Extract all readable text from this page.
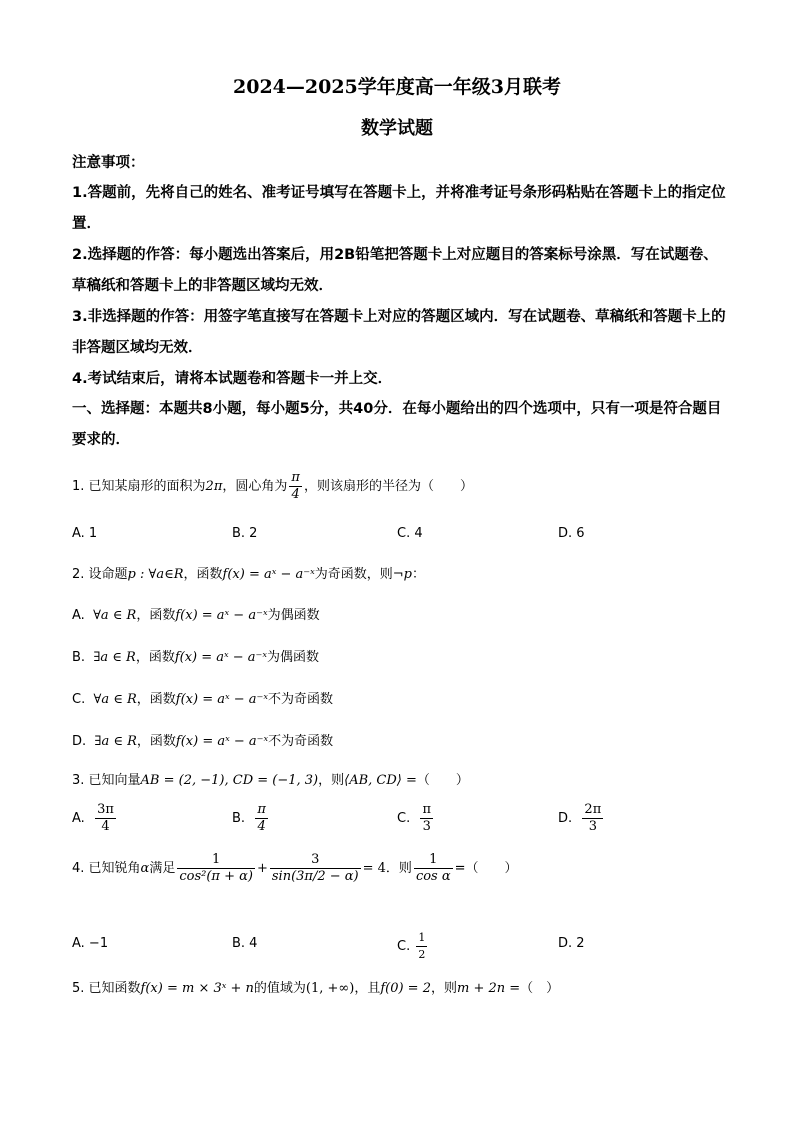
2024—2025学年度高一年级3月联考
数学试题
注意事项：
1.答题前，先将自己的姓名、准考证号填写在答题卡上，并将准考证号条形码粘贴在答题卡上的指定位置．
2.选择题的作答：每小题选出答案后，用2B铅笔把答题卡上对应题目的答案标号涂黑．写在试题卷、草稿纸和答题卡上的非答题区域均无效．
3.非选择题的作答：用签字笔直接写在答题卡上对应的答题区域内．写在试题卷、草稿纸和答题卡上的非答题区域均无效．
4.考试结束后，请将本试题卷和答题卡一并上交．
一、选择题：本题共8小题，每小题5分，共40分．在每小题给出的四个选项中，只有一项是符合题目要求的．
1. 已知某扇形的面积为2π，圆心角为 $\frac{\pi}{4}$ ，则该扇形的半径为（　　）
A. 1	B. 2	C. 4	D. 6
2. 设命题p : ∀a∈R，函数f(x) = aˣ − a⁻ˣ为奇函数，则¬p：
A. ∀a ∈ R，函数f(x) = aˣ − a⁻ˣ为偶函数
B. ∃a ∈ R，函数f(x) = aˣ − a⁻ˣ为偶函数
C. ∀a ∈ R，函数f(x) = aˣ − a⁻ˣ不为奇函数
D. ∃a ∈ R，函数f(x) = aˣ − a⁻ˣ不为奇函数
3. 已知向量AB = (2, −1), CD = (−1, 3)，则⟨AB, CD⟩ =（　　）
A. $\frac{3\pi}{4}$	B. $\frac{\pi}{4}$	C. $\frac{\pi}{3}$	D. $\frac{2\pi}{3}$
4. 已知锐角α满足 $\frac{1}{\text{cos²(π + α)}} + \frac{3}{\sin(3\pi/2 - \alpha)} = 4$．则 $\frac{1}{\text{cos α}}$ =（　　）
A. −1	B. 4	C. $\frac{1}{2}$	D. 2
5. 已知函数f(x) = m × 3ˣ + n的值域为(1, +∞)，且f(0) = 2，则m + 2n =（　）
